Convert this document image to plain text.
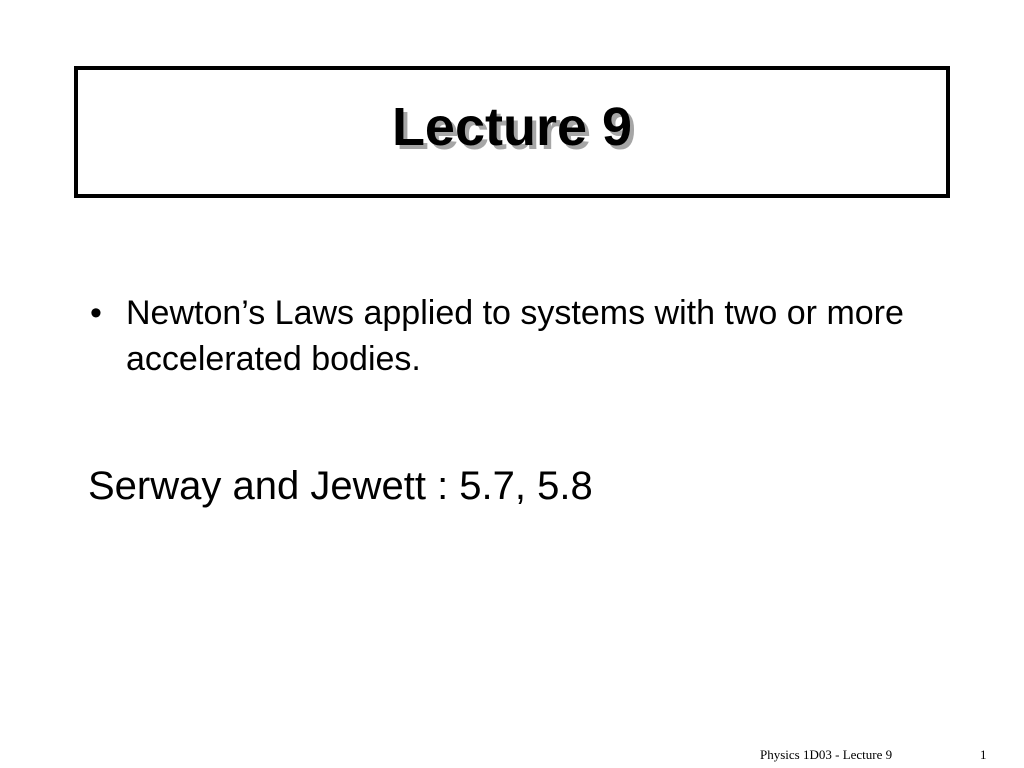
Lecture 9
• Newton’s Laws applied to systems with two or more accelerated bodies.
Serway and Jewett : 5.7, 5.8
Physics 1D03 - Lecture 9	1
